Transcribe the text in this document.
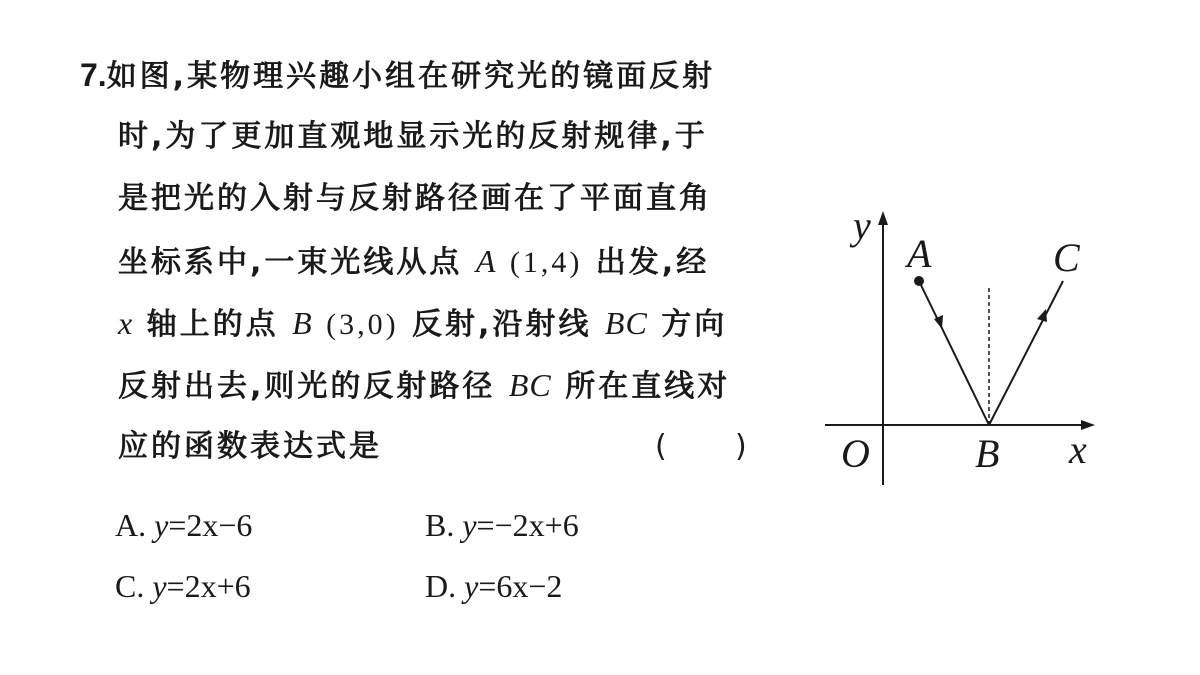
7.如图,某物理兴趣小组在研究光的镜面反射
时,为了更加直观地显示光的反射规律,于
是把光的入射与反射路径画在了平面直角
坐标系中,一束光线从点 A (1,4) 出发,经
x 轴上的点 B (3,0) 反射,沿射线 BC 方向
反射出去,则光的反射路径 BC 所在直线对
应的函数表达式是	( )
A. y=2x−6	B. y=−2x+6
C. y=2x+6	D. y=6x−2
y
x
O
A
B
C
